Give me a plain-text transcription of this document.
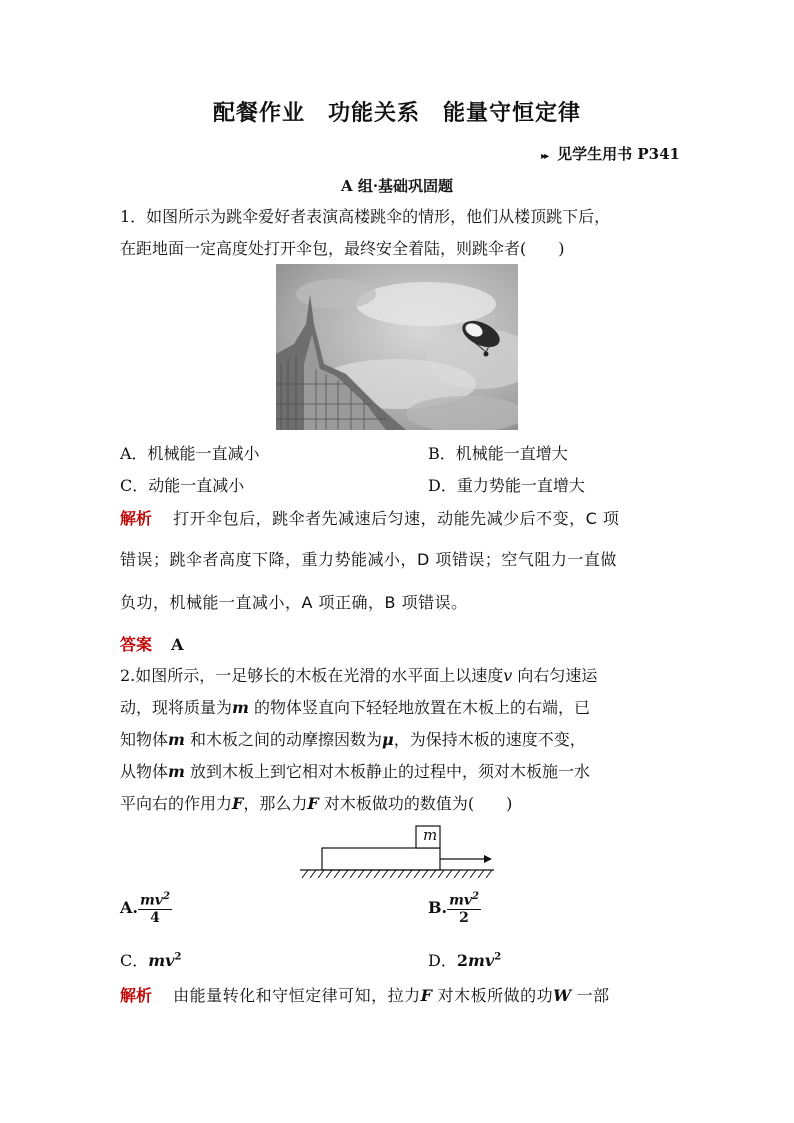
配餐作业　功能关系　能量守恒定律
▸▸ 见学生用书 P341
A 组·基础巩固题
1．如图所示为跳伞爱好者表演高楼跳伞的情形，他们从楼顶跳下后，
在距地面一定高度处打开伞包，最终安全着陆，则跳伞者(　　)
A．机械能一直减小	B．机械能一直增大
C．动能一直减小	D．重力势能一直增大
解析 打开伞包后，跳伞者先减速后匀速，动能先减少后不变，C 项
错误；跳伞者高度下降，重力势能减小，D 项错误；空气阻力一直做
负功，机械能一直减小，A 项正确，B 项错误。
答案 A
2.如图所示，一足够长的木板在光滑的水平面上以速度v 向右匀速运
动，现将质量为m 的物体竖直向下轻轻地放置在木板上的右端，已
知物体m 和木板之间的动摩擦因数为μ，为保持木板的速度不变，
从物体m 放到木板上到它相对木板静止的过程中，须对木板施一水
平向右的作用力F，那么力F 对木板做功的数值为(　　)
m
A. $\frac{mv^2}{4}$	B. $\frac{mv^2}{2}$
C．$mv^2$	D．$2mv^2$
解析 由能量转化和守恒定律可知，拉力F 对木板所做的功W 一部
